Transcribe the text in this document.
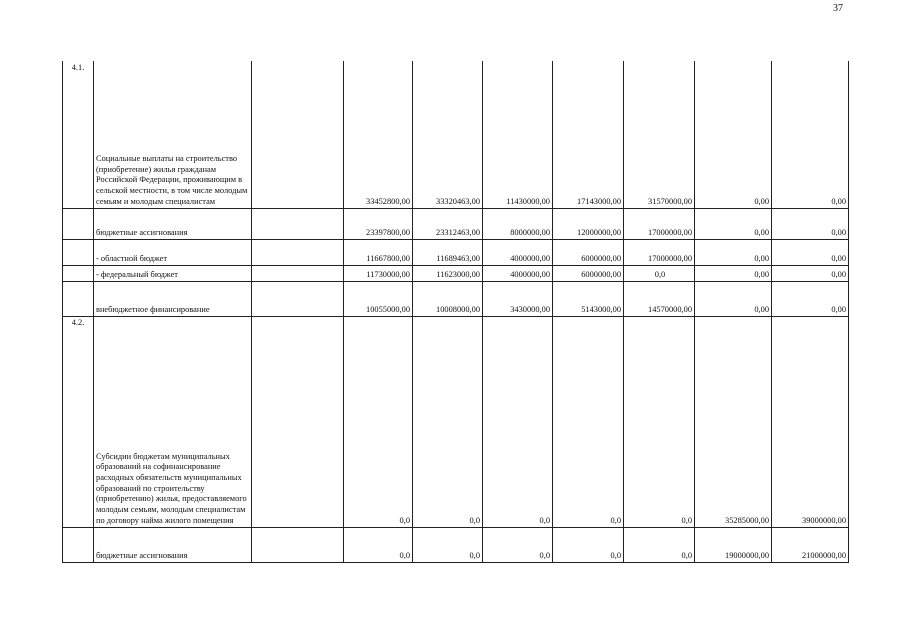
37
4.1.	Социальные выплаты на строительство (приобретение) жилья гражданам Российской Федерации, проживающим в сельской местности, в том числе молодым семьям и молодым специалистам		33452800,00	33320463,00	11430000,00	17143000,00	31570000,00	0,00	0,00
	бюджетные ассигнования		23397800,00	23312463,00	8000000,00	12000000,00	17000000,00	0,00	0,00
	- областной бюджет		11667800,00	11689463,00	4000000,00	6000000,00	17000000,00	0,00	0,00
	- федеральный бюджет		11730000,00	11623000,00	4000000,00	6000000,00	0,0	0,00	0,00
	внебюджетное финансирование		10055000,00	10008000,00	3430000,00	5143000,00	14570000,00	0,00	0,00
4.2.	Субсидии бюджетам муниципальных образований на софинансирование расходных обязательств муниципальных образований по строительству (приобретению) жилья, предоставляемого молодым семьям, молодым специалистам по договору найма жилого помещения		0,0	0,0	0,0	0,0	0,0	35285000,00	39000000,00
	бюджетные ассигнования		0,0	0,0	0,0	0,0	0,0	19000000,00	21000000,00
